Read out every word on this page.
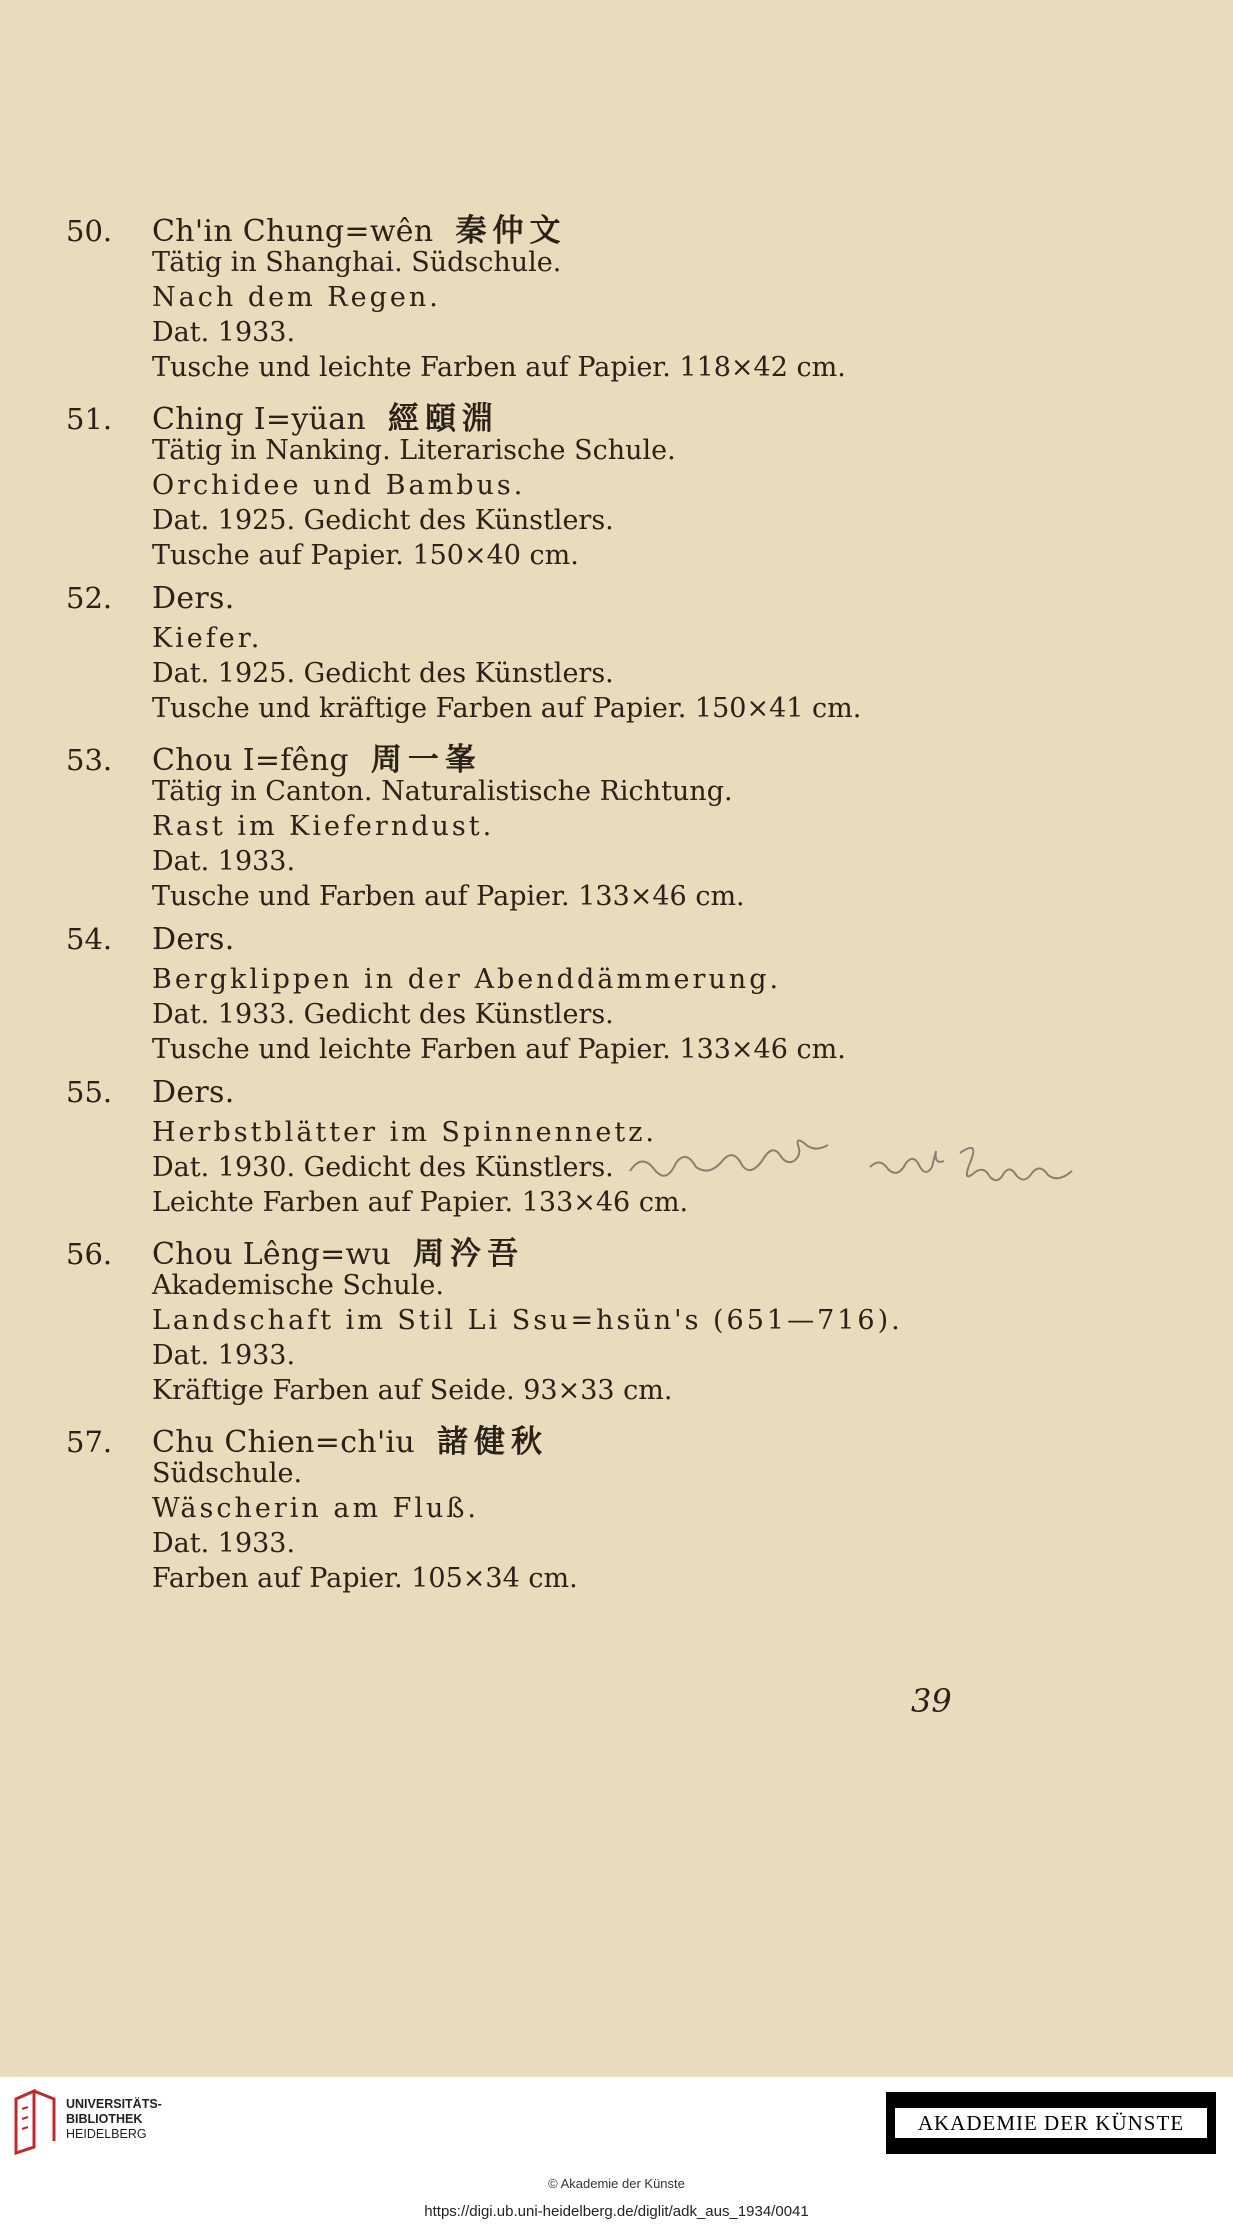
50.	Ch'in Chung=wên 秦仲文
Tätig in Shanghai. Südschule.
Nach dem Regen.
Dat. 1933.
Tusche und leichte Farben auf Papier. 118×42 cm.
51.	Ching I=yüan 經頤淵
Tätig in Nanking. Literarische Schule.
Orchidee und Bambus.
Dat. 1925. Gedicht des Künstlers.
Tusche auf Papier. 150×40 cm.
52.	Ders.
Kiefer.
Dat. 1925. Gedicht des Künstlers.
Tusche und kräftige Farben auf Papier. 150×41 cm.
53.	Chou I=fêng 周一峯
Tätig in Canton. Naturalistische Richtung.
Rast im Kieferndust.
Dat. 1933.
Tusche und Farben auf Papier. 133×46 cm.
54.	Ders.
Bergklippen in der Abenddämmerung.
Dat. 1933. Gedicht des Künstlers.
Tusche und leichte Farben auf Papier. 133×46 cm.
55.	Ders.
Herbstblätter im Spinnennetz.
Dat. 1930. Gedicht des Künstlers.
Leichte Farben auf Papier. 133×46 cm.
56.	Chou Lêng=wu 周汵吾
Akademische Schule.
Landschaft im Stil Li Ssu=hsün's (651—716).
Dat. 1933.
Kräftige Farben auf Seide. 93×33 cm.
57.	Chu Chien=ch'iu 諸健秋
Südschule.
Wäscherin am Fluß.
Dat. 1933.
Farben auf Papier. 105×34 cm.
39
UNIVERSITÄTS-
BIBLIOTHEK
HEIDELBERG	AKADEMIE DER KÜNSTE
© Akademie der Künste
https://digi.ub.uni-heidelberg.de/diglit/adk_aus_1934/0041
